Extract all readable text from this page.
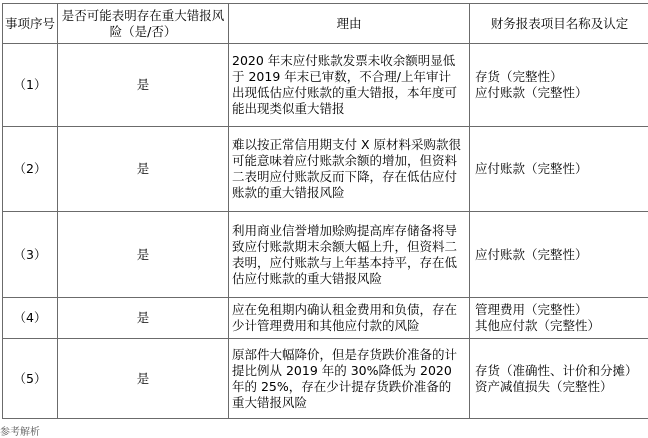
事项序号	是否可能表明存在重大错报风险（是/否）	理由	财务报表项目名称及认定
（1）	是	2020 年末应付账款发票未收余额明显低于 2019 年末已审数，不合理/上年审计出现低估应付账款的重大错报，本年度可能出现类似重大错报	存货（完整性）
应付账款（完整性）

（2）	是	难以按正常信用期支付 X 原材料采购款很可能意味着应付账款余额的增加，但资料二表明应付账款反而下降，存在低估应付账款的重大错报风险	应付账款（完整性）

（3）	是	利用商业信誉增加赊购提高库存储备将导致应付账款期末余额大幅上升，但资料二表明，应付账款与上年基本持平，存在低估应付账款的重大错报风险	应付账款（完整性）

（4）	是	应在免租期内确认租金费用和负债，存在少计管理费用和其他应付款的风险	管理费用（完整性）
其他应付款（完整性）

（5）	是	原部件大幅降价，但是存货跌价准备的计提比例从 2019 年的 30%降低为 2020 年的 25%，存在少计提存货跌价准备的重大错报风险	存货（准确性、计价和分摊）
资产减值损失（完整性）
参考解析
